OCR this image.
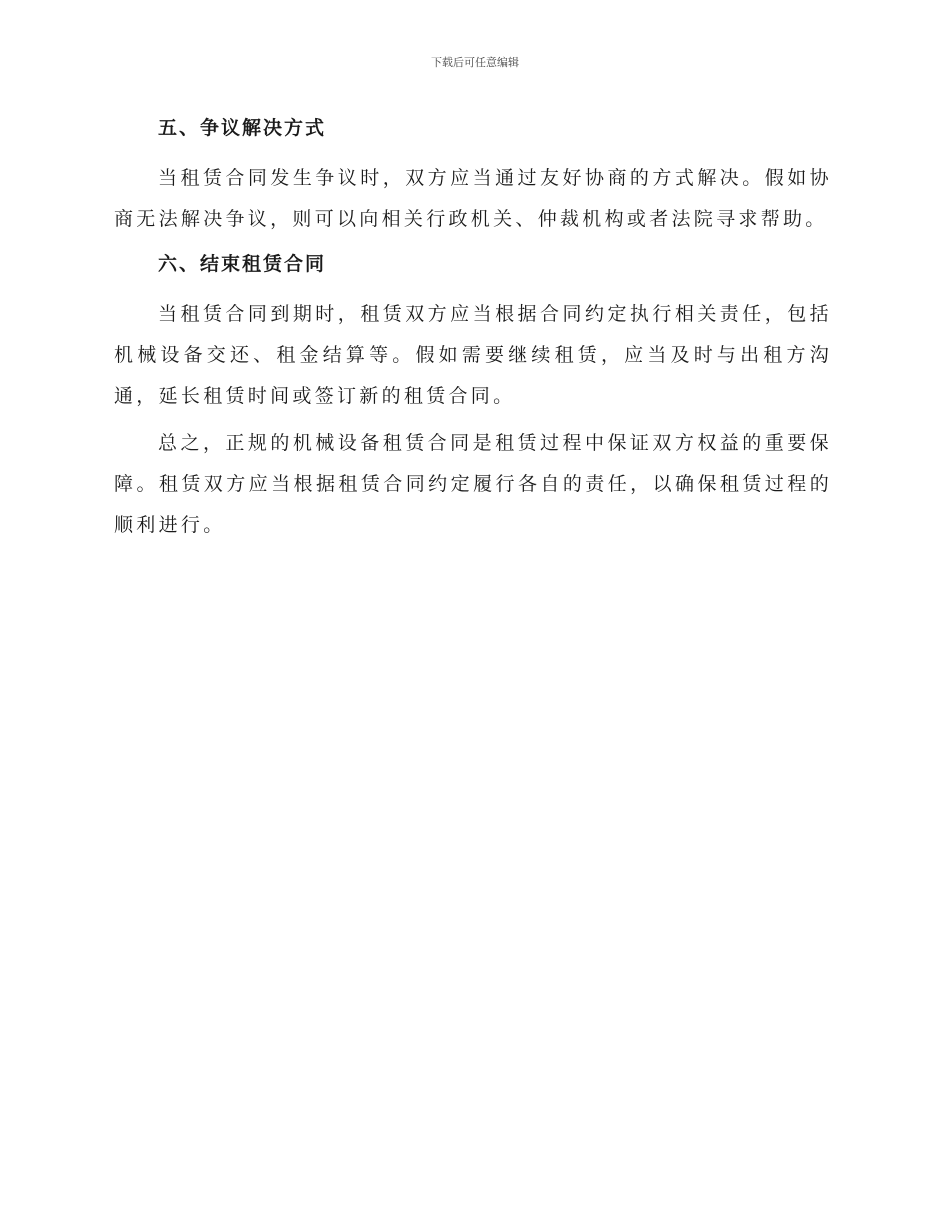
下载后可任意编辑
五、争议解决方式

当租赁合同发生争议时，双方应当通过友好协商的方式解决。假如协商无法解决争议，则可以向相关行政机关、仲裁机构或者法院寻求帮助。

六、结束租赁合同

当租赁合同到期时，租赁双方应当根据合同约定执行相关责任，包括机械设备交还、租金结算等。假如需要继续租赁，应当及时与出租方沟通，延长租赁时间或签订新的租赁合同。

总之，正规的机械设备租赁合同是租赁过程中保证双方权益的重要保障。租赁双方应当根据租赁合同约定履行各自的责任，以确保租赁过程的顺利进行。
